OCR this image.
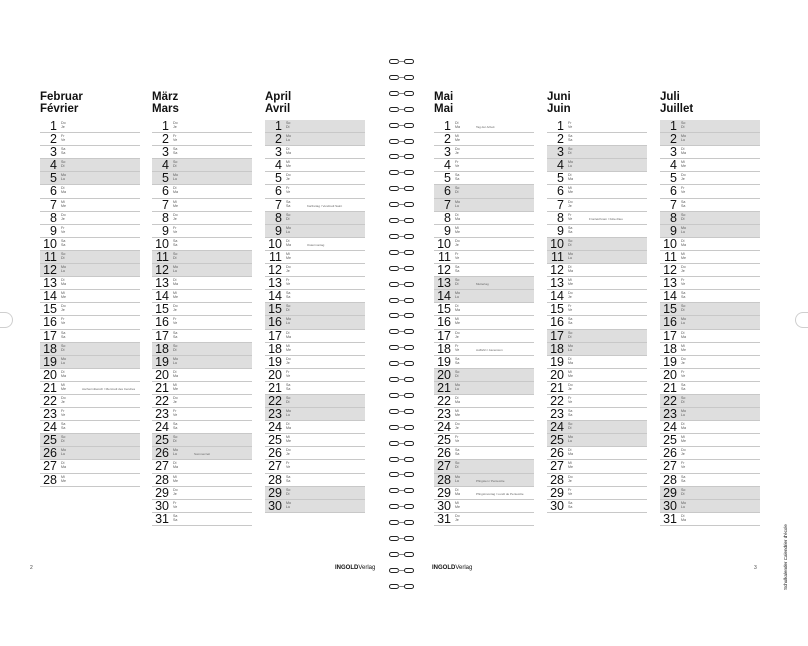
Februar
Février
1 Do
Je
2 Fr
Ve
3 Sa
Sa
4 So
Di
5 Mo
Lu
6 Di
Ma
7 Mi
Me
8 Do
Je
9 Fr
Ve
10 Sa
Sa
11 So
Di
12 Mo
Lu
13 Di
Ma
14 Mi
Me
15 Do
Je
16 Fr
Ve
17 Sa
Sa
18 So
Di
19 Mo
Lu
20 Di
Ma
21 Mi
Me	Aschermittwoch / Mercredi des Cendres
22 Do
Je
23 Fr
Ve
24 Sa
Sa
25 So
Di
26 Mo
Lu
27 Di
Ma
28 Mi
Me
März
Mars
1 Do
Je
2 Fr
Ve
3 Sa
Sa
4 So
Di
5 Mo
Lu
6 Di
Ma
7 Mi
Me
8 Do
Je
9 Fr
Ve
10 Sa
Sa
11 So
Di
12 Mo
Lu
13 Di
Ma
14 Mi
Me
15 Do
Je
16 Fr
Ve
17 Sa
Sa
18 So
Di
19 Mo
Lu
20 Di
Ma
21 Mi
Me
22 Do
Je
23 Fr
Ve
24 Sa
Sa
25 So
Di
26 Mo
Lu	Sommerzeit
27 Di
Ma
28 Mi
Me
29 Do
Je
30 Fr
Ve
31 Sa
Sa
April
Avril
1 So
Di
2 Mo
Lu
3 Di
Ma
4 Mi
Me
5 Do
Je
6 Fr
Ve
7 Sa
Sa	Karfreitag / Vendredi Saint
8 So
Di
9 Mo
Lu
10 Di
Ma	Ostermontag
11 Mi
Me
12 Do
Je
13 Fr
Ve
14 Sa
Sa
15 So
Di
16 Mo
Lu
17 Di
Ma
18 Mi
Me
19 Do
Je
20 Fr
Ve
21 Sa
Sa
22 So
Di
23 Mo
Lu
24 Di
Ma
25 Mi
Me
26 Do
Je
27 Fr
Ve
28 Sa
Sa
29 So
Di
30 Mo
Lu
Mai
Mai
1 Di
Ma	Tag der Arbeit
2 Mi
Me
3 Do
Je
4 Fr
Ve
5 Sa
Sa
6 So
Di
7 Mo
Lu
8 Di
Ma
9 Mi
Me
10 Do
Je
11 Fr
Ve
12 Sa
Sa
13 So
Di	Muttertag
14 Mo
Lu
15 Di
Ma
16 Mi
Me
17 Do
Je
18 Fr
Ve	Auffahrt / Ascension
19 Sa
Sa
20 So
Di
21 Mo
Lu
22 Di
Ma
23 Mi
Me
24 Do
Je
25 Fr
Ve
26 Sa
Sa
27 So
Di
28 Mo
Lu	Pfingsten / Pentecôte
29 Di
Ma	Pfingstmontag / Lundi de Pentecôte
30 Mi
Me
31 Do
Je
Juni
Juin
1 Fr
Ve
2 Sa
Sa
3 So
Di
4 Mo
Lu
5 Di
Ma
6 Mi
Me
7 Do
Je
8 Fr
Ve	Fronleichnam / Fête-Dieu
9 Sa
Sa
10 So
Di
11 Mo
Lu
12 Di
Ma
13 Mi
Me
14 Do
Je
15 Fr
Ve
16 Sa
Sa
17 So
Di
18 Mo
Lu
19 Di
Ma
20 Mi
Me
21 Do
Je
22 Fr
Ve
23 Sa
Sa
24 So
Di
25 Mo
Lu
26 Di
Ma
27 Mi
Me
28 Do
Je
29 Fr
Ve
30 Sa
Sa
Juli
Juillet
1 So
Di
2 Mo
Lu
3 Di
Ma
4 Mi
Me
5 Do
Je
6 Fr
Ve
7 Sa
Sa
8 So
Di
9 Mo
Lu
10 Di
Ma
11 Mi
Me
12 Do
Je
13 Fr
Ve
14 Sa
Sa
15 So
Di
16 Mo
Lu
17 Di
Ma
18 Mi
Me
19 Do
Je
20 Fr
Ve
21 Sa
Sa
22 So
Di
23 Mo
Lu
24 Di
Ma
25 Mi
Me
26 Do
Je
27 Fr
Ve
28 Sa
Sa
29 So
Di
30 Mo
Lu
31 Di
Ma
2	INGOLDVerlag	INGOLDVerlag	3	Schulkalender Calendrier d'école
